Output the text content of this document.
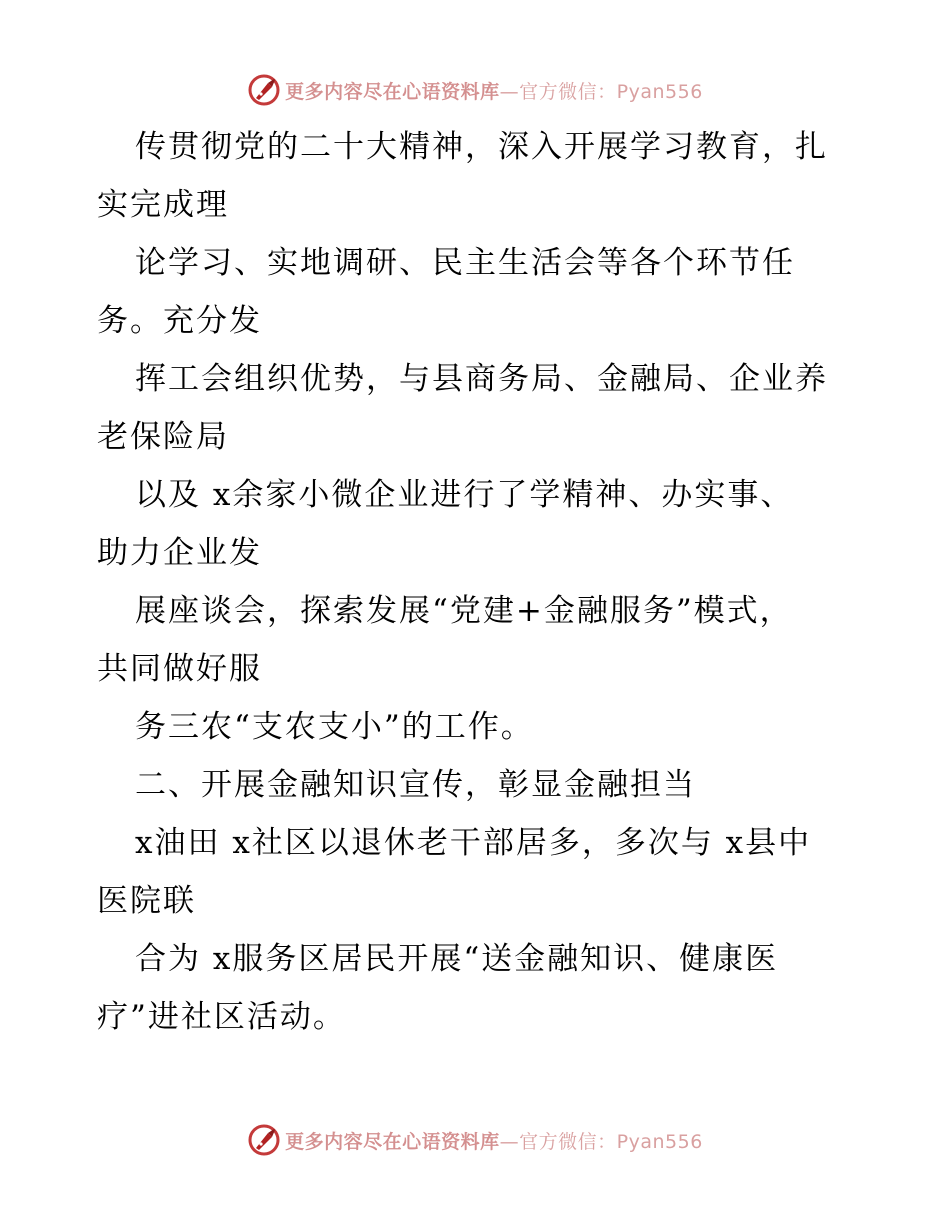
更多内容尽在心语资料库—官方微信：Pyan556
传贯彻党的二十大精神，深入开展学习教育，扎
实完成理
论学习、实地调研、民主生活会等各个环节任
务。充分发
挥工会组织优势，与县商务局、金融局、企业养
老保险局
以及 x余家小微企业进行了学精神、办实事、
助力企业发
展座谈会，探索发展“党建+金融服务”模式，
共同做好服
务三农“支农支小”的工作。
二、开展金融知识宣传，彰显金融担当
x油田 x社区以退休老干部居多，多次与 x县中
医院联
合为 x服务区居民开展“送金融知识、健康医
疗”进社区活动。
更多内容尽在心语资料库—官方微信：Pyan556
